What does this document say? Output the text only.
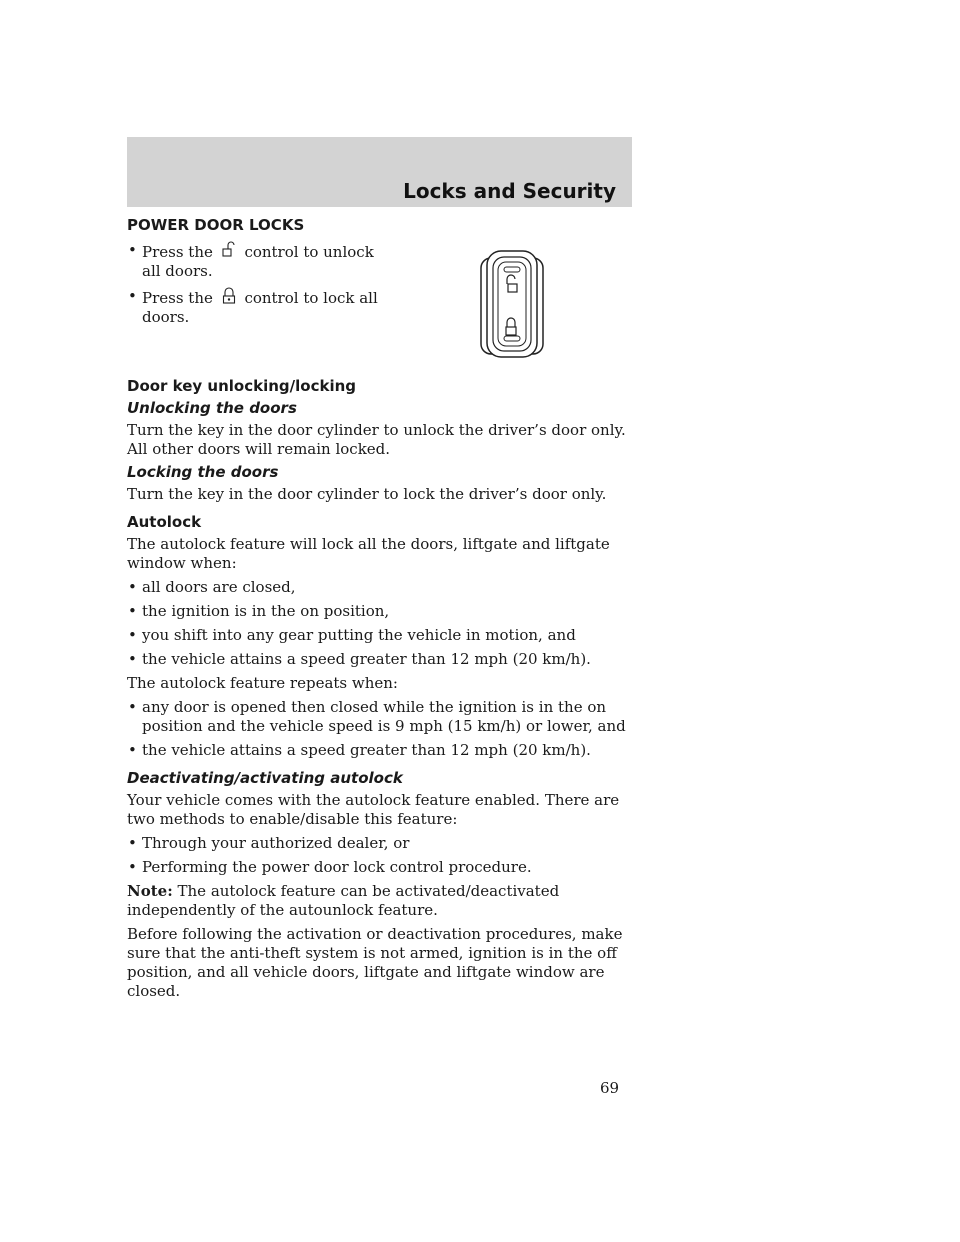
Locks and Security
POWER DOOR LOCKS
• Press the control to unlock all doors.
• Press the control to lock all doors.
Door key unlocking/locking
Unlocking the doors

Turn the key in the door cylinder to unlock the driver’s door only. All other doors will remain locked.

Locking the doors

Turn the key in the door cylinder to lock the driver’s door only.

Autolock

The autolock feature will lock all the doors, liftgate and liftgate window when:

• all doors are closed,
• the ignition is in the on position,
• you shift into any gear putting the vehicle in motion, and
• the vehicle attains a speed greater than 12 mph (20 km/h).

The autolock feature repeats when:

• any door is opened then closed while the ignition is in the on position and the vehicle speed is 9 mph (15 km/h) or lower, and
• the vehicle attains a speed greater than 12 mph (20 km/h).
Deactivating/activating autolock

Your vehicle comes with the autolock feature enabled. There are two methods to enable/disable this feature:

• Through your authorized dealer, or
• Performing the power door lock control procedure.

Note: The autolock feature can be activated/deactivated independently of the autounlock feature.

Before following the activation or deactivation procedures, make sure that the anti-theft system is not armed, ignition is in the off position, and all vehicle doors, liftgate and liftgate window are closed.

69
